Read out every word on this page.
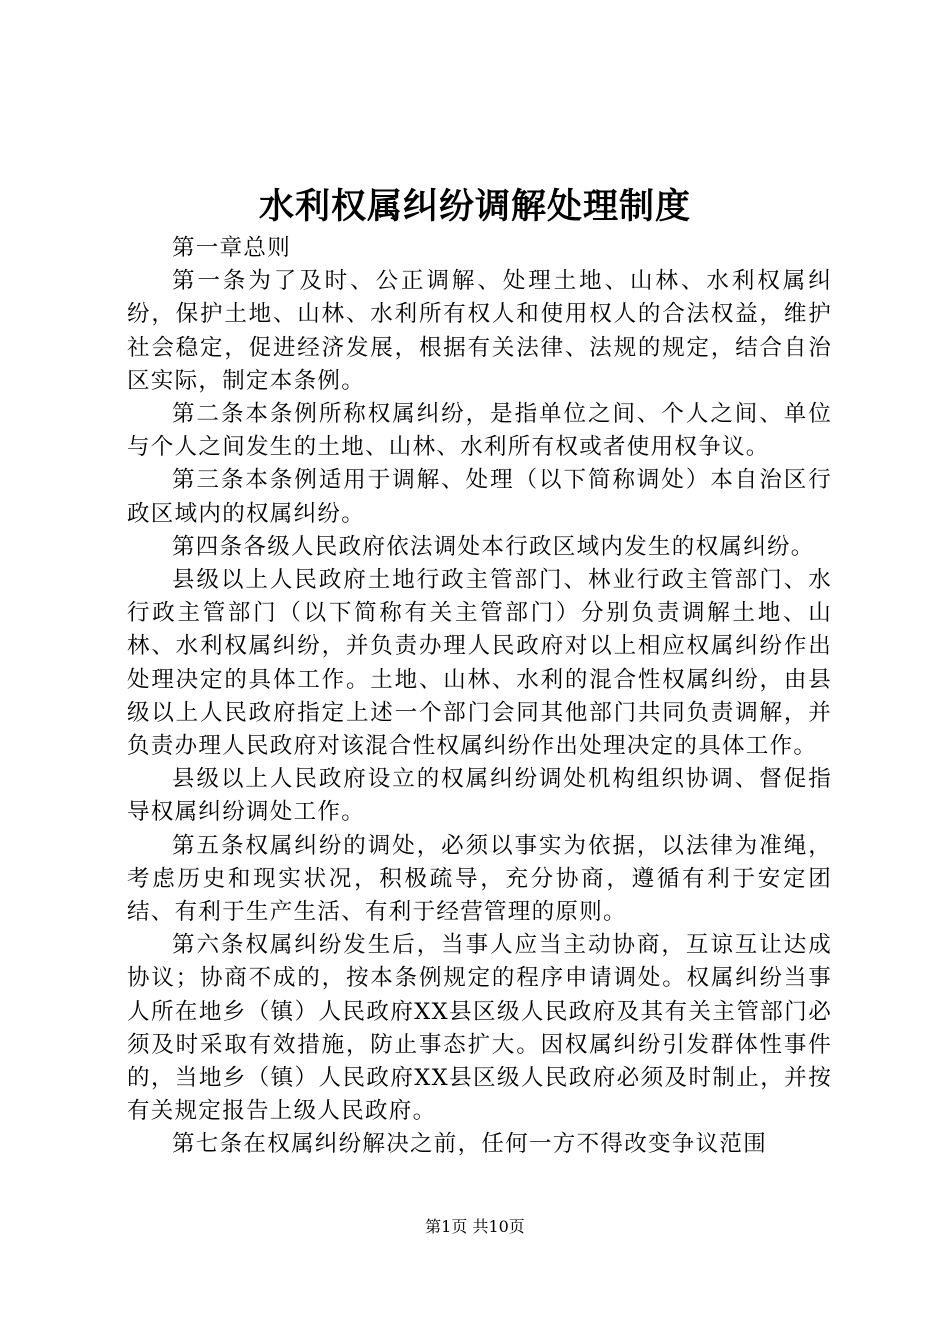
水利权属纠纷调解处理制度

第一章总则

第一条为了及时、公正调解、处理土地、山林、水利权属纠纷，保护土地、山林、水利所有权人和使用权人的合法权益，维护社会稳定，促进经济发展，根据有关法律、法规的规定，结合自治区实际，制定本条例。

第二条本条例所称权属纠纷，是指单位之间、个人之间、单位与个人之间发生的土地、山林、水利所有权或者使用权争议。

第三条本条例适用于调解、处理（以下简称调处）本自治区行政区域内的权属纠纷。

第四条各级人民政府依法调处本行政区域内发生的权属纠纷。

县级以上人民政府土地行政主管部门、林业行政主管部门、水行政主管部门（以下简称有关主管部门）分别负责调解土地、山林、水利权属纠纷，并负责办理人民政府对以上相应权属纠纷作出处理决定的具体工作。土地、山林、水利的混合性权属纠纷，由县级以上人民政府指定上述一个部门会同其他部门共同负责调解，并负责办理人民政府对该混合性权属纠纷作出处理决定的具体工作。

县级以上人民政府设立的权属纠纷调处机构组织协调、督促指导权属纠纷调处工作。

第五条权属纠纷的调处，必须以事实为依据，以法律为准绳，考虑历史和现实状况，积极疏导，充分协商，遵循有利于安定团结、有利于生产生活、有利于经营管理的原则。

第六条权属纠纷发生后，当事人应当主动协商，互谅互让达成协议；协商不成的，按本条例规定的程序申请调处。权属纠纷当事人所在地乡（镇）人民政府XX县区级人民政府及其有关主管部门必须及时采取有效措施，防止事态扩大。因权属纠纷引发群体性事件的，当地乡（镇）人民政府XX县区级人民政府必须及时制止，并按有关规定报告上级人民政府。

第七条在权属纠纷解决之前，任何一方不得改变争议范围

第1页 共10页
